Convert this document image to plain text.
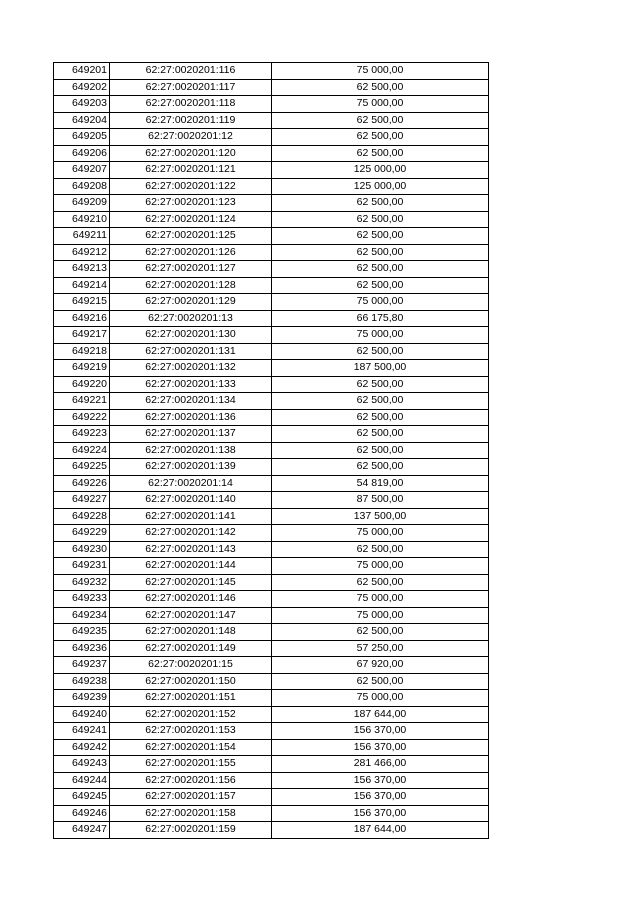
649201	62:27:0020201:116	75 000,00
649202	62:27:0020201:117	62 500,00
649203	62:27:0020201:118	75 000,00
649204	62:27:0020201:119	62 500,00
649205	62:27:0020201:12	62 500,00
649206	62:27:0020201:120	62 500,00
649207	62:27:0020201:121	125 000,00
649208	62:27:0020201:122	125 000,00
649209	62:27:0020201:123	62 500,00
649210	62:27:0020201:124	62 500,00
649211	62:27:0020201:125	62 500,00
649212	62:27:0020201:126	62 500,00
649213	62:27:0020201:127	62 500,00
649214	62:27:0020201:128	62 500,00
649215	62:27:0020201:129	75 000,00
649216	62:27:0020201:13	66 175,80
649217	62:27:0020201:130	75 000,00
649218	62:27:0020201:131	62 500,00
649219	62:27:0020201:132	187 500,00
649220	62:27:0020201:133	62 500,00
649221	62:27:0020201:134	62 500,00
649222	62:27:0020201:136	62 500,00
649223	62:27:0020201:137	62 500,00
649224	62:27:0020201:138	62 500,00
649225	62:27:0020201:139	62 500,00
649226	62:27:0020201:14	54 819,00
649227	62:27:0020201:140	87 500,00
649228	62:27:0020201:141	137 500,00
649229	62:27:0020201:142	75 000,00
649230	62:27:0020201:143	62 500,00
649231	62:27:0020201:144	75 000,00
649232	62:27:0020201:145	62 500,00
649233	62:27:0020201:146	75 000,00
649234	62:27:0020201:147	75 000,00
649235	62:27:0020201:148	62 500,00
649236	62:27:0020201:149	57 250,00
649237	62:27:0020201:15	67 920,00
649238	62:27:0020201:150	62 500,00
649239	62:27:0020201:151	75 000,00
649240	62:27:0020201:152	187 644,00
649241	62:27:0020201:153	156 370,00
649242	62:27:0020201:154	156 370,00
649243	62:27:0020201:155	281 466,00
649244	62:27:0020201:156	156 370,00
649245	62:27:0020201:157	156 370,00
649246	62:27:0020201:158	156 370,00
649247	62:27:0020201:159	187 644,00
